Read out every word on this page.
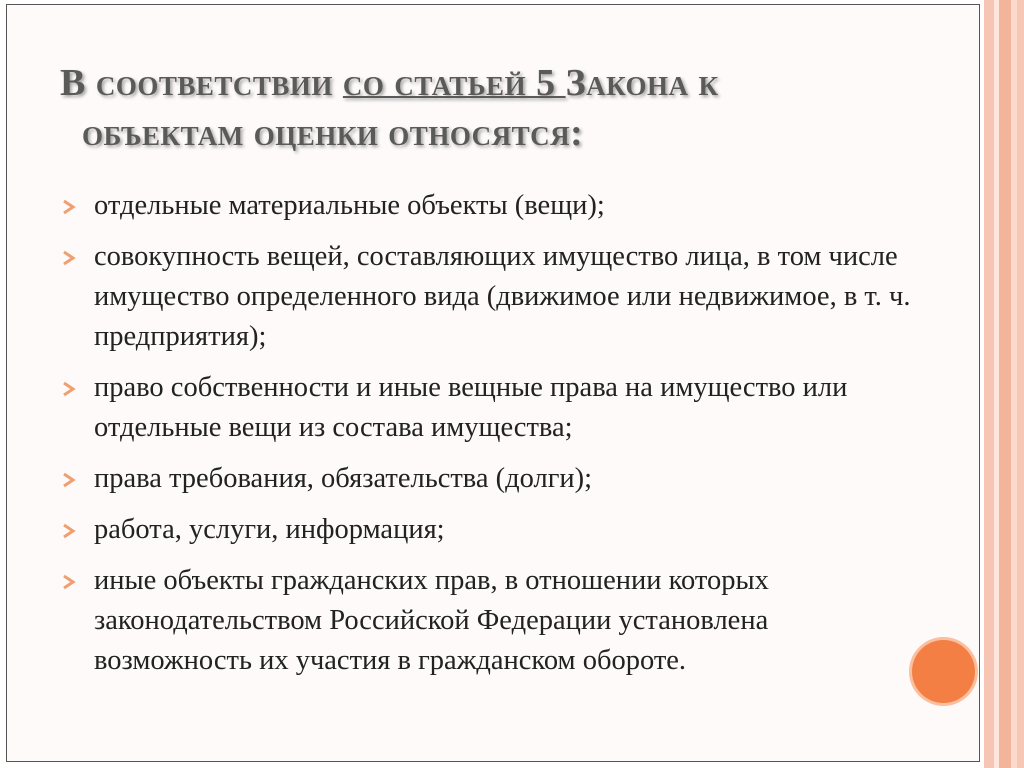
В соответствии со статьей 5 Закона к
объектам оценки относятся:
отдельные материальные объекты (вещи);
совокупность вещей, составляющих имущество лица, в том числе имущество определенного вида (движимое или недвижимое, в т. ч. предприятия);
право собственности и иные вещные права на имущество или отдельные вещи из состава имущества;
права требования, обязательства (долги);
работа, услуги, информация;
иные объекты гражданских прав, в отношении которых законодательством Российской Федерации установлена возможность их участия в гражданском обороте.
